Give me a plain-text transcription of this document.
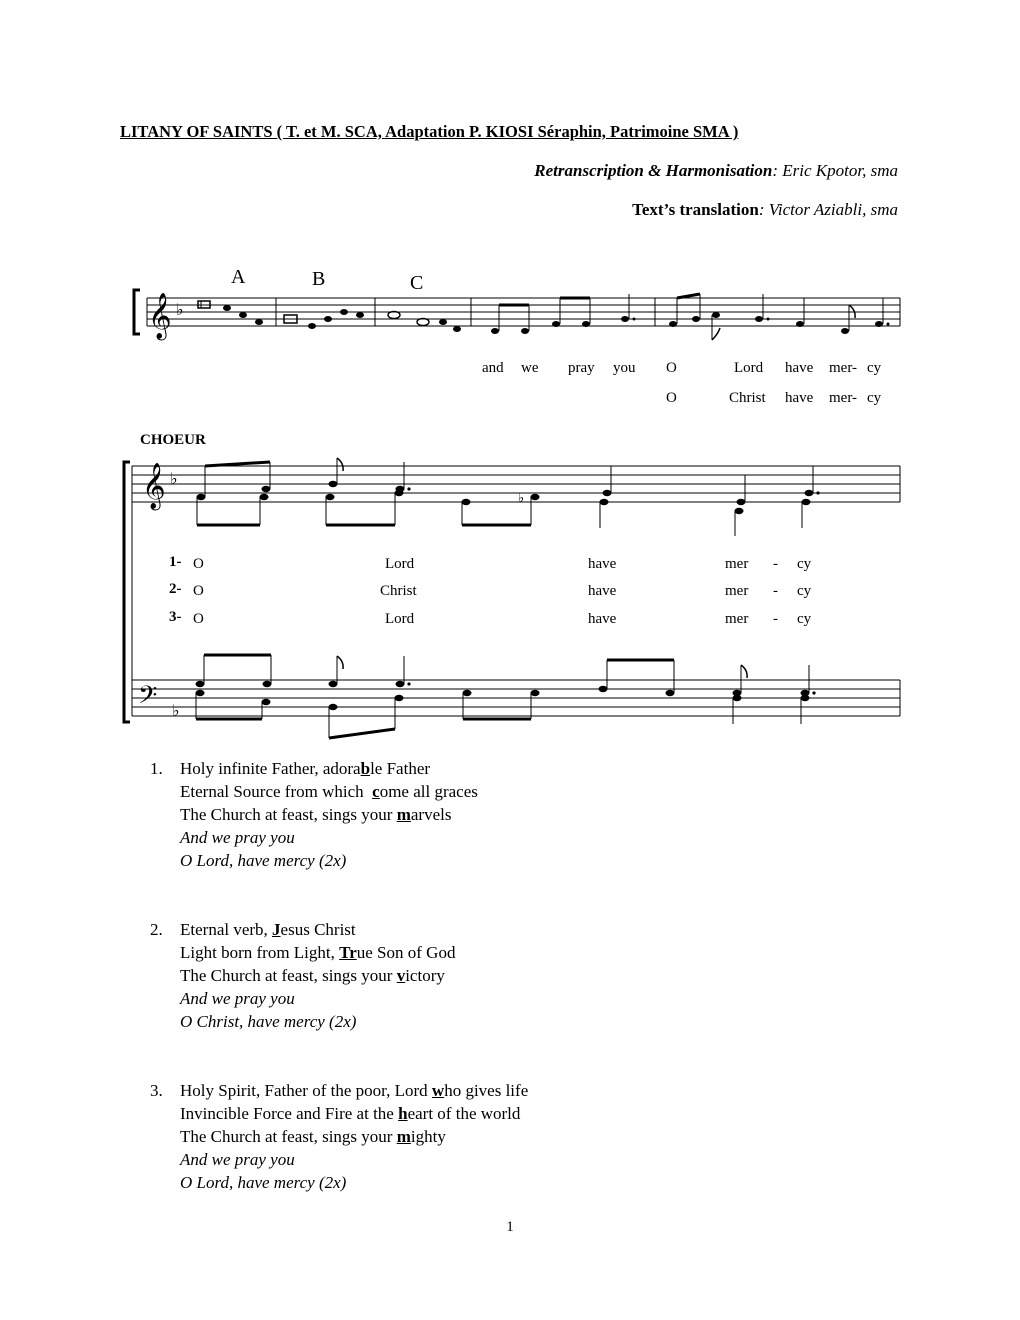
LITANY OF SAINTS ( T. et M. SCA, Adaptation P. KIOSI Séraphin, Patrimoine SMA )
Retranscription & Harmonisation: Eric Kpotor, sma
Text’s translation: Victor Aziabli, sma
𝄞 ♭
𝄞 ♭
𝄢 ♭
♭
A	B	C
and we pray you O	Lord have mer- cy
O	Christ have mer- cy
CHOEUR
1- O	Lord	have	mer - cy
2- O	Christ	have	mer - cy
3- O	Lord	have	mer - cy
1. Holy infinite Father, adorable Father
Eternal Source from which  come all graces
The Church at feast, sings your marvels
And we pray you
O Lord, have mercy (2x)
2. Eternal verb, Jesus Christ
Light born from Light, True Son of God
The Church at feast, sings your victory
And we pray you
O Christ, have mercy (2x)
3. Holy Spirit, Father of the poor, Lord who gives life
Invincible Force and Fire at the heart of the world
The Church at feast, sings your mighty
And we pray you
O Lord, have mercy (2x)
1
